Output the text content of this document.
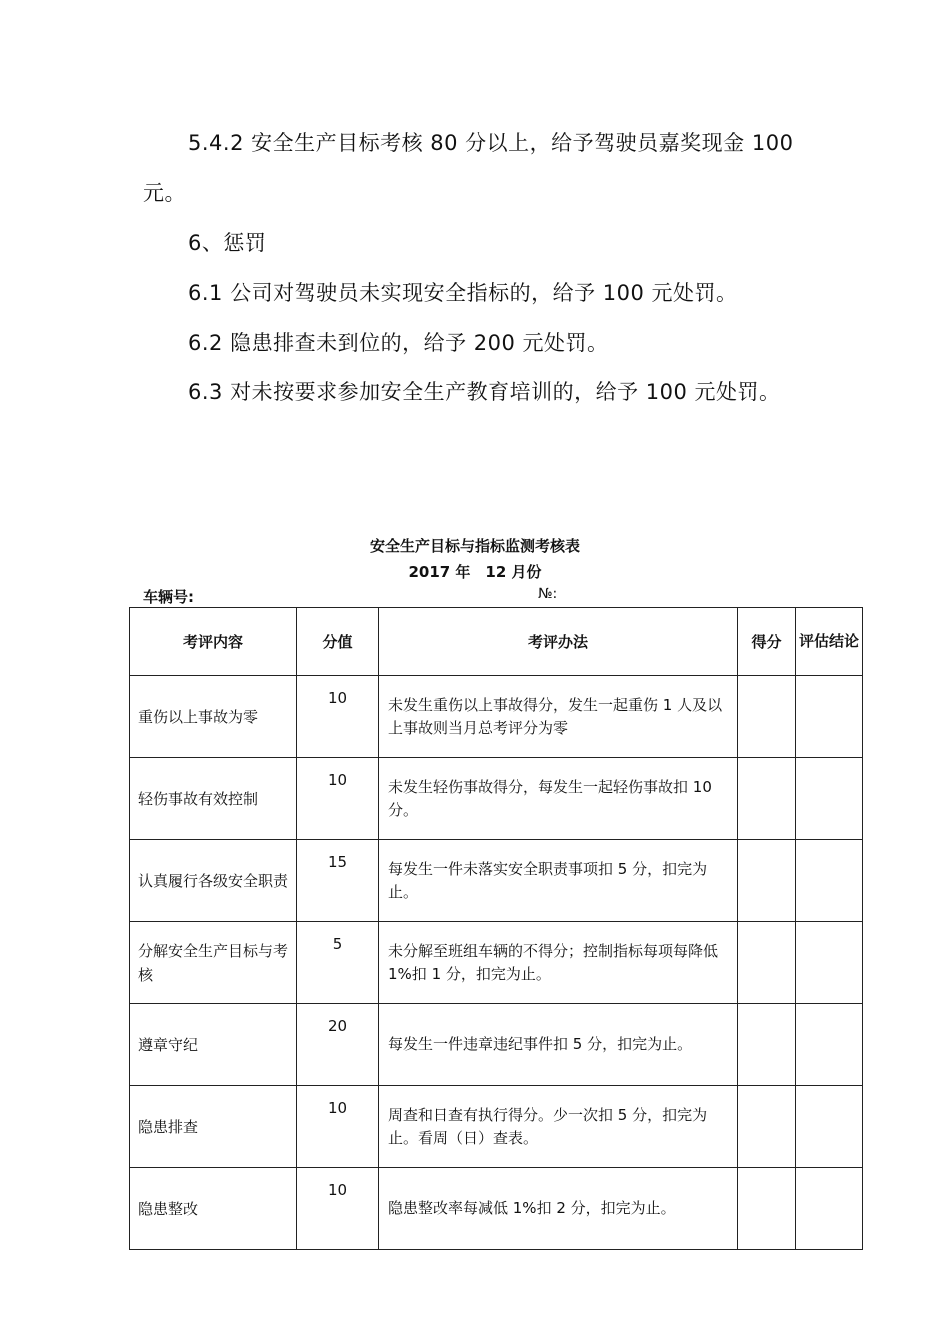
5.4.2 安全生产目标考核 80 分以上，给予驾驶员嘉奖现金 100
元。
6、惩罚
6.1 公司对驾驶员未实现安全指标的，给予 100 元处罚。
6.2 隐患排查未到位的，给予 200 元处罚。
6.3 对未按要求参加安全生产教育培训的，给予 100 元处罚。
安全生产目标与指标监测考核表
2017 年　12 月份
车辆号:	№:
考评内容	分值	考评办法	得分	评估结论
重伤以上事故为零	10	未发生重伤以上事故得分，发生一起重伤 1 人及以上事故则当月总考评分为零		
轻伤事故有效控制	10	未发生轻伤事故得分，每发生一起轻伤事故扣 10 分。		
认真履行各级安全职责	15	每发生一件未落实安全职责事项扣 5 分，扣完为止。		
分解安全生产目标与考核	5	未分解至班组车辆的不得分；控制指标每项每降低 1%扣 1 分，扣完为止。		
遵章守纪	20	每发生一件违章违纪事件扣 5 分，扣完为止。		
隐患排查	10	周查和日查有执行得分。少一次扣 5 分，扣完为止。看周（日）查表。		
隐患整改	10	隐患整改率每减低 1%扣 2 分，扣完为止。		
